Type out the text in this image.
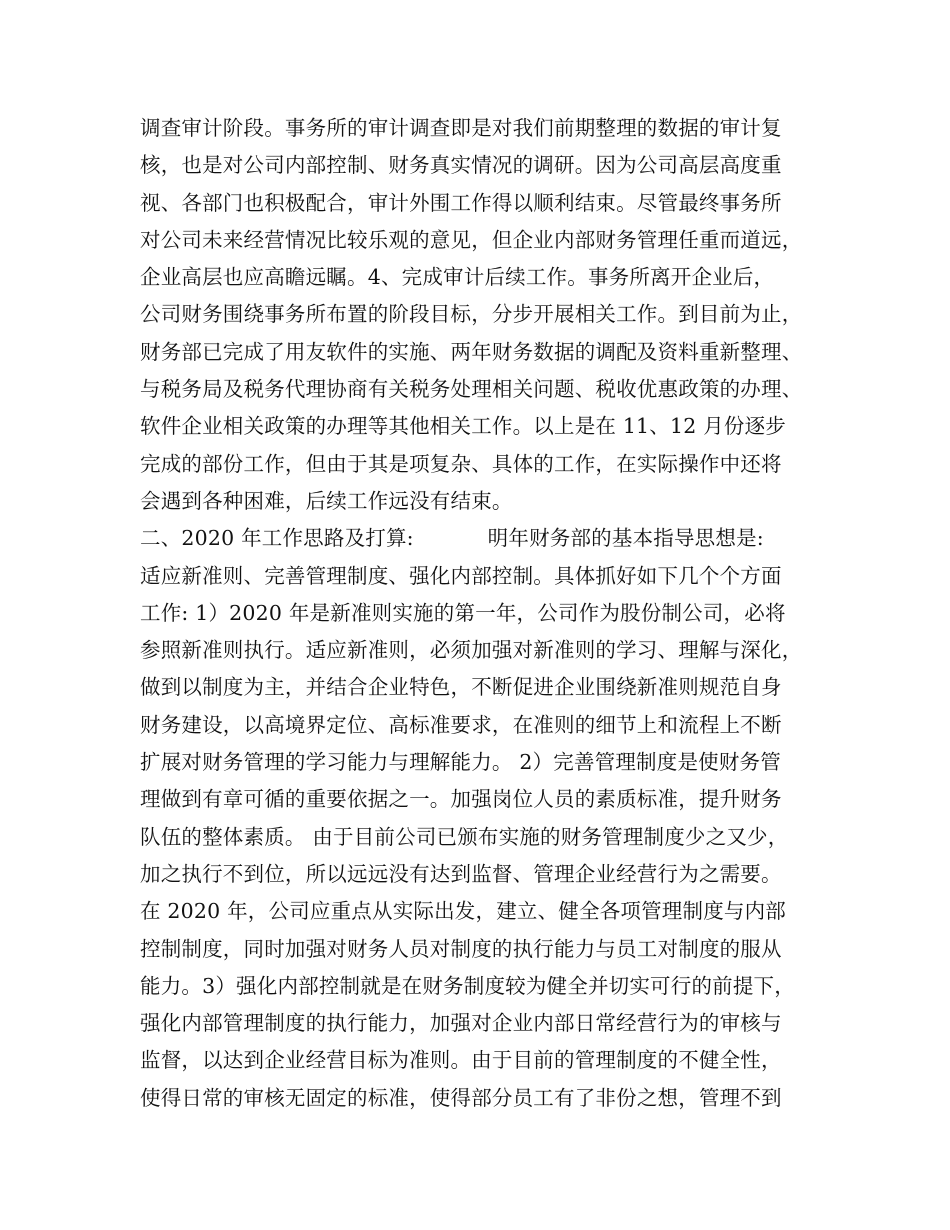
调查审计阶段。事务所的审计调查即是对我们前期整理的数据的审计复
核，也是对公司内部控制、财务真实情况的调研。因为公司高层高度重
视、各部门也积极配合，审计外围工作得以顺利结束。尽管最终事务所
对公司未来经营情况比较乐观的意见，但企业内部财务管理任重而道远，
企业高层也应高瞻远瞩。4、完成审计后续工作。事务所离开企业后，
公司财务围绕事务所布置的阶段目标，分步开展相关工作。到目前为止，
财务部已完成了用友软件的实施、两年财务数据的调配及资料重新整理、
与税务局及税务代理协商有关税务处理相关问题、税收优惠政策的办理、
软件企业相关政策的办理等其他相关工作。以上是在 11、12 月份逐步
完成的部份工作，但由于其是项复杂、具体的工作，在实际操作中还将
会遇到各种困难，后续工作远没有结束。
二、2020 年工作思路及打算:           明年财务部的基本指导思想是:
适应新准则、完善管理制度、强化内部控制。具体抓好如下几个个方面
工作: 1）2020 年是新准则实施的第一年，公司作为股份制公司，必将
参照新准则执行。适应新准则，必须加强对新准则的学习、理解与深化，
做到以制度为主，并结合企业特色，不断促进企业围绕新准则规范自身
财务建设，以高境界定位、高标准要求，在准则的细节上和流程上不断
扩展对财务管理的学习能力与理解能力。 2）完善管理制度是使财务管
理做到有章可循的重要依据之一。加强岗位人员的素质标准，提升财务
队伍的整体素质。 由于目前公司已颁布实施的财务管理制度少之又少，
加之执行不到位，所以远远没有达到监督、管理企业经营行为之需要。
在 2020 年，公司应重点从实际出发，建立、健全各项管理制度与内部
控制制度，同时加强对财务人员对制度的执行能力与员工对制度的服从
能力。3）强化内部控制就是在财务制度较为健全并切实可行的前提下，
强化内部管理制度的执行能力，加强对企业内部日常经营行为的审核与
监督，以达到企业经营目标为准则。由于目前的管理制度的不健全性，
使得日常的审核无固定的标准，使得部分员工有了非份之想，管理不到
